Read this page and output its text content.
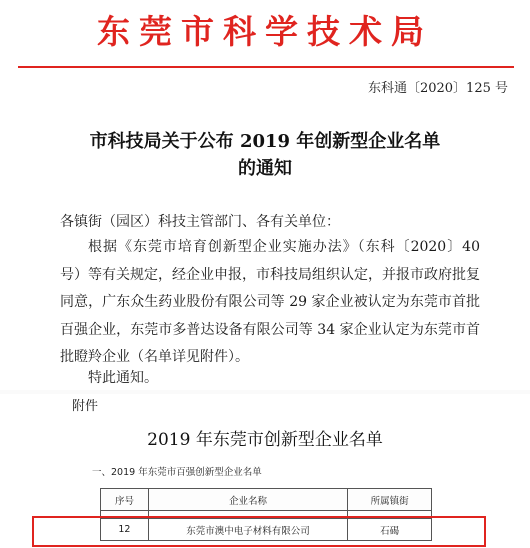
东莞市科学技术局
东科通〔2020〕125 号
市科技局关于公布 2019 年创新型企业名单
的通知
各镇街（园区）科技主管部门、各有关单位：

根据《东莞市培育创新型企业实施办法》（东科〔2020〕40 号）等有关规定，经企业申报，市科技局组织认定，并报市政府批复同意，广东众生药业股份有限公司等 29 家企业被认定为东莞市首批百强企业，东莞市多普达设备有限公司等 34 家企业认定为东莞市首批瞪羚企业（名单详见附件）。

特此通知。
附件
2019 年东莞市创新型企业名单
一、2019 年东莞市百强创新型企业名单
序号	企业名称	所属镇街

12	东莞市澳中电子材料有限公司	石碣
